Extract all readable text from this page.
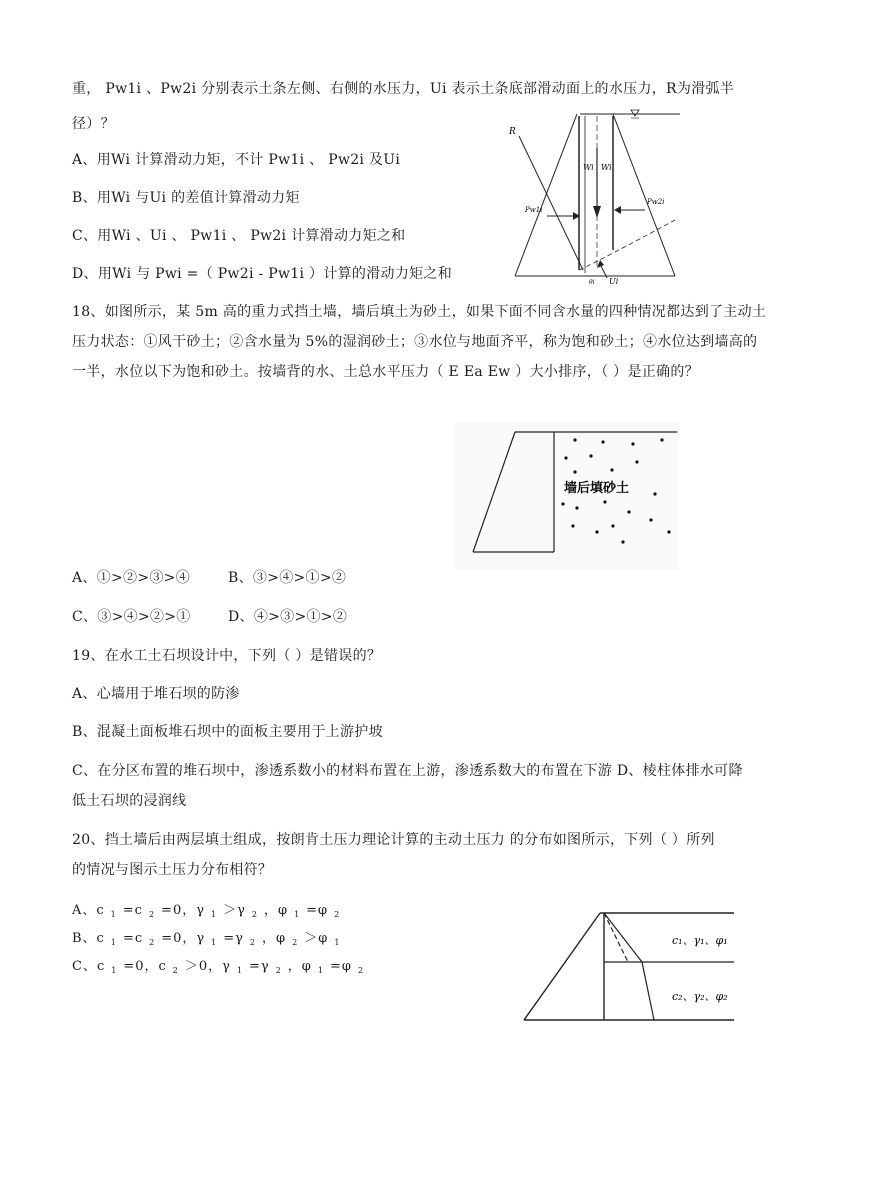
重， Pw1i 、Pw2i 分别表示土条左侧、右侧的水压力，Ui 表示土条底部滑动面上的水压力，R为滑弧半
径）？
A、用Wi 计算滑动力矩，不计 Pw1i 、 Pw2i 及Ui
B、用Wi 与Ui 的差值计算滑动力矩
C、用Wi 、Ui 、 Pw1i 、 Pw2i 计算滑动力矩之和
D、用Wi 与 Pwi =（ Pw2i - Pw1i ）计算的滑动力矩之和
R
Wi Wi
Pw1i
Pw2i
Ui
θi
18、如图所示，某 5m 高的重力式挡土墙，墙后填土为砂土，如果下面不同含水量的四种情况都达到了主动土
压力状态：①风干砂土；②含水量为 5%的湿润砂土；③水位与地面齐平，称为饱和砂土；④水位达到墙高的
一半，水位以下为饱和砂土。按墙背的水、土总水平压力（ E Ea Ew ）大小排序，（ ）是正确的？
墙后填砂土
A、①>②>③>④	B、③>④>①>②
C、③>④>②>①	D、④>③>①>②
19、在水工土石坝设计中，下列（ ）是错误的？
A、心墙用于堆石坝的防渗
B、混凝土面板堆石坝中的面板主要用于上游护坡
C、在分区布置的堆石坝中，渗透系数小的材料布置在上游，渗透系数大的布置在下游 D、棱柱体排水可降
低土石坝的浸润线
20、挡土墙后由两层填土组成，按朗肯土压力理论计算的主动土压力 的分布如图所示，下列（ ）所列
的情况与图示土压力分布相符？
A、c $_1$ =c $_2$ =0，γ $_1$ ＞γ $_2$ ，φ $_1$ =φ $_2$
B、c $_1$ =c $_2$ =0，γ $_1$ =γ $_2$ ，φ $_2$ ＞φ $_1$
C、c $_1$ =0，c $_2$ ＞0，γ $_1$ =γ $_2$ ，φ $_1$ =φ $_2$
c₁、γ₁、φ₁
c₂、γ₂、φ₂
